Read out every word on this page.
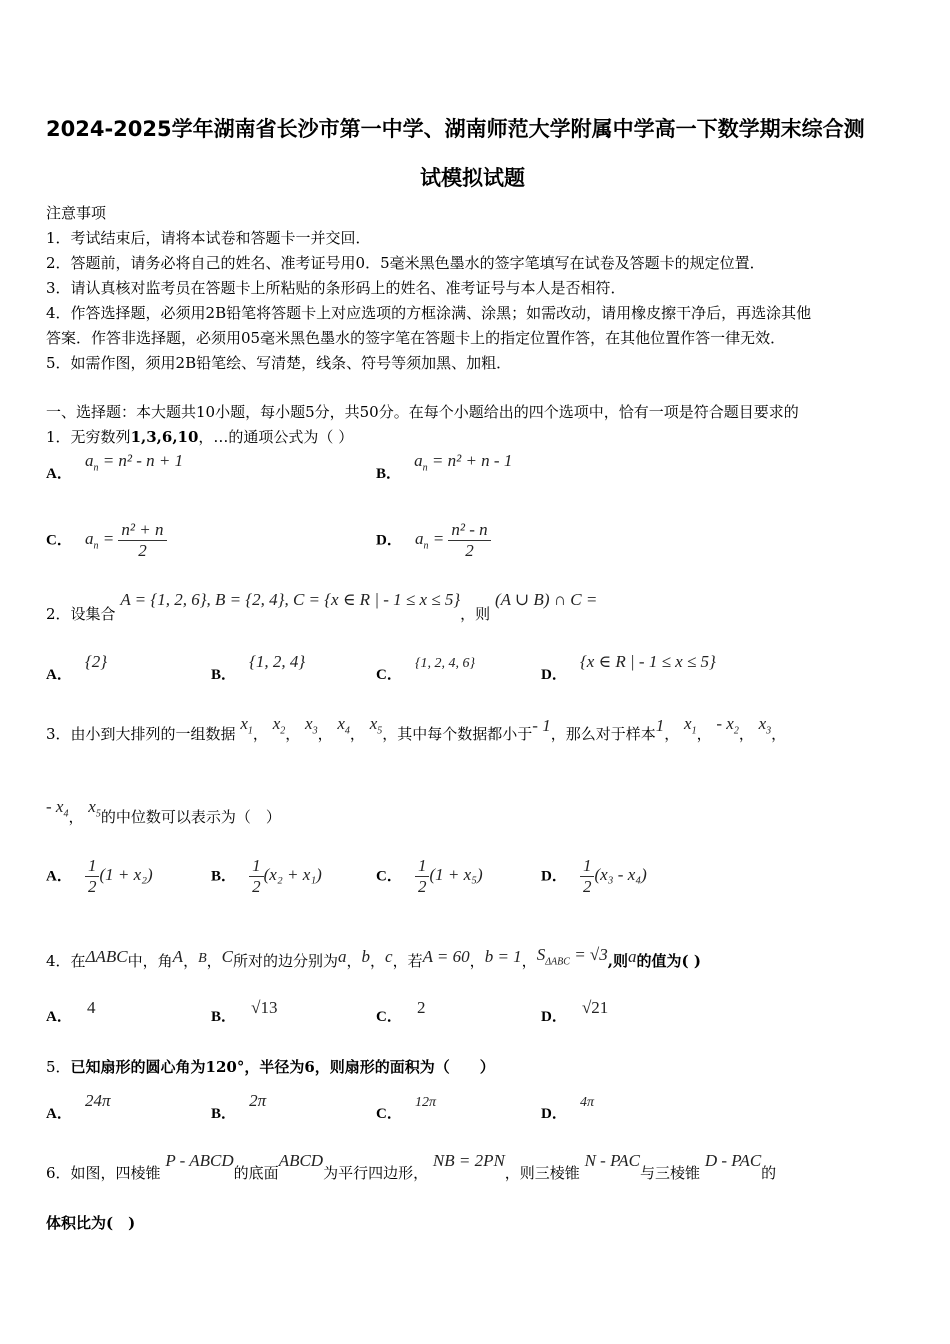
2024-2025学年湖南省长沙市第一中学、湖南师范大学附属中学高一下数学期末综合测
试模拟试题
注意事项
1．考试结束后，请将本试卷和答题卡一并交回．
2．答题前，请务必将自己的姓名、准考证号用0．5毫米黑色墨水的签字笔填写在试卷及答题卡的规定位置．
3．请认真核对监考员在答题卡上所粘贴的条形码上的姓名、准考证号与本人是否相符．
4．作答选择题，必须用2B铅笔将答题卡上对应选项的方框涂满、涂黑；如需改动，请用橡皮擦干净后，再选涂其他
答案．作答非选择题，必须用05毫米黑色墨水的签字笔在答题卡上的指定位置作答，在其他位置作答一律无效．
5．如需作图，须用2B铅笔绘、写清楚，线条、符号等须加黑、加粗．
一、选择题：本大题共10小题，每小题5分，共50分。在每个小题给出的四个选项中，恰有一项是符合题目要求的
1．无穷数列1,3,6,10，…的通项公式为（ ）
A． $a_n = n^2 - n + 1$
B． $a_n = n^2 + n - 1$
C． $a_n = \frac{\text{n² + n}}{2}$	D． $a_n = \frac{\text{n² - n}}{2}$
2．设集合 A = {1, 2, 6}, B = {2, 4}, C = {x ∈ R | - 1 ≤ x ≤ 5}，则 (A ∪ B) ∩ C =
A． {2}
B． {1, 2, 4}
C． {1, 2, 4, 6}
D． {x ∈ R | - 1 ≤ x ≤ 5}
3．由小到大排列的一组数据 $x_1$， $x_2$， $x_3$， $x_4$， $x_5$，其中每个数据都小于- 1，那么对于样本1， $x_1$， - $x_2$， $x_3$，
- $x_4$， $x_5$的中位数可以表示为（　）
A． $\frac{1}{2} (1 + x_2)$	B． $\frac{1}{2} (x_2 + x_1)$	C． $\frac{1}{2} (1 + x_5)$	D． $\frac{1}{2} (x_3 - x_4)$
4．在ΔABC中，角A，B，C所对的边分别为a，b，c，若A = 60，b = 1，$S_{\Delta ABC} = √3$,则a的值为( )
A． 4	B． √13	C． 2	D． √21
5．已知扇形的圆心角为120°，半径为6，则扇形的面积为（　　）
A． 24π
B． 2π
C． 12π
D． 4π
6．如图，四棱锥 P - ABCD的底面ABCD为平行四边形， NB = 2PN，则三棱锥 N - PAC与三棱锥 D - PAC的
体积比为(　)
